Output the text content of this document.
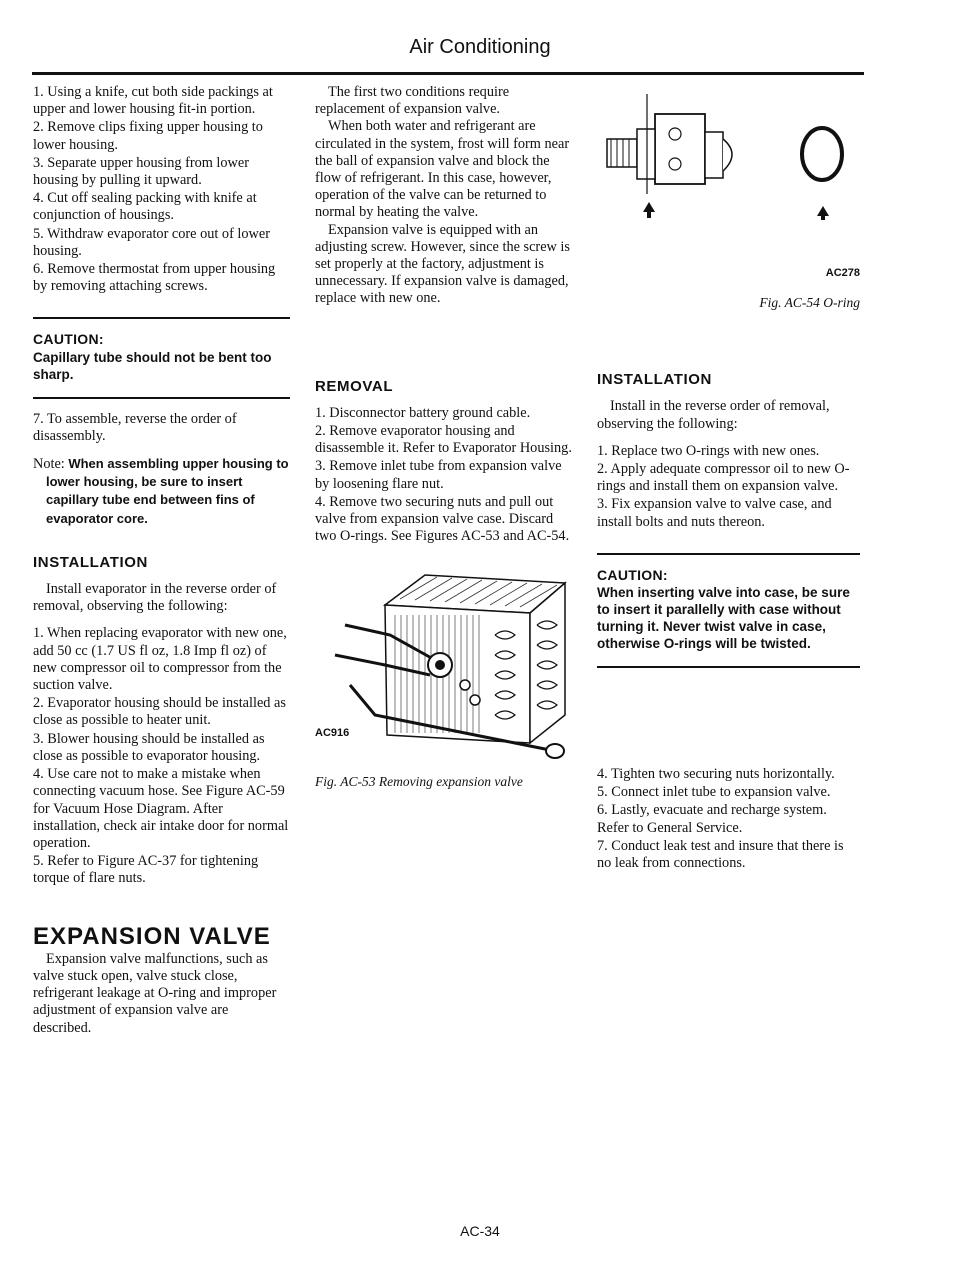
Air Conditioning

1. Using a knife, cut both side packings at upper and lower housing fit-in portion.

2. Remove clips fixing upper housing to lower housing.

3. Separate upper housing from lower housing by pulling it upward.

4. Cut off sealing packing with knife at conjunction of housings.

5. Withdraw evaporator core out of lower housing.

6. Remove thermostat from upper housing by removing attaching screws.

CAUTION:
Capillary tube should not be bent too sharp.

7. To assemble, reverse the order of disassembly.

Note: When assembling upper housing to lower housing, be sure to insert capillary tube end between fins of evaporator core.

INSTALLATION

Install evaporator in the reverse order of removal, observing the following:

1. When replacing evaporator with new one, add 50 cc (1.7 US fl oz, 1.8 Imp fl oz) of new compressor oil to compressor from the suction valve.

2. Evaporator housing should be installed as close as possible to heater unit.

3. Blower housing should be installed as close as possible to evaporator housing.

4. Use care not to make a mistake when connecting vacuum hose. See Figure AC-59 for Vacuum Hose Diagram. After installation, check air intake door for normal operation.

5. Refer to Figure AC-37 for tightening torque of flare nuts.

EXPANSION VALVE

Expansion valve malfunctions, such as valve stuck open, valve stuck close, refrigerant leakage at O-ring and improper adjustment of expansion valve are described.

The first two conditions require replacement of expansion valve.

When both water and refrigerant are circulated in the system, frost will form near the ball of expansion valve and block the flow of refrigerant. In this case, however, operation of the valve can be returned to normal by heating the valve.

Expansion valve is equipped with an adjusting screw. However, since the screw is set properly at the factory, adjustment is unnecessary. If expansion valve is damaged, replace with new one.

REMOVAL

1. Disconnector battery ground cable.

2. Remove evaporator housing and disassemble it. Refer to Evaporator Housing.

3. Remove inlet tube from expansion valve by loosening flare nut.

4. Remove two securing nuts and pull out valve from expansion valve case. Discard two O-rings. See Figures AC-53 and AC-54.

AC916

Fig. AC-53 Removing expansion valve

AC278

Fig. AC-54 O-ring

INSTALLATION

Install in the reverse order of removal, observing the following:

1. Replace two O-rings with new ones.

2. Apply adequate compressor oil to new O-rings and install them on expansion valve.

3. Fix expansion valve to valve case, and install bolts and nuts thereon.

CAUTION:
When inserting valve into case, be sure to insert it parallelly with case without turning it. Never twist valve in case, otherwise O-rings will be twisted.

4. Tighten two securing nuts horizontally.

5. Connect inlet tube to expansion valve.

6. Lastly, evacuate and recharge system. Refer to General Service.

7. Conduct leak test and insure that there is no leak from connections.

AC-34
